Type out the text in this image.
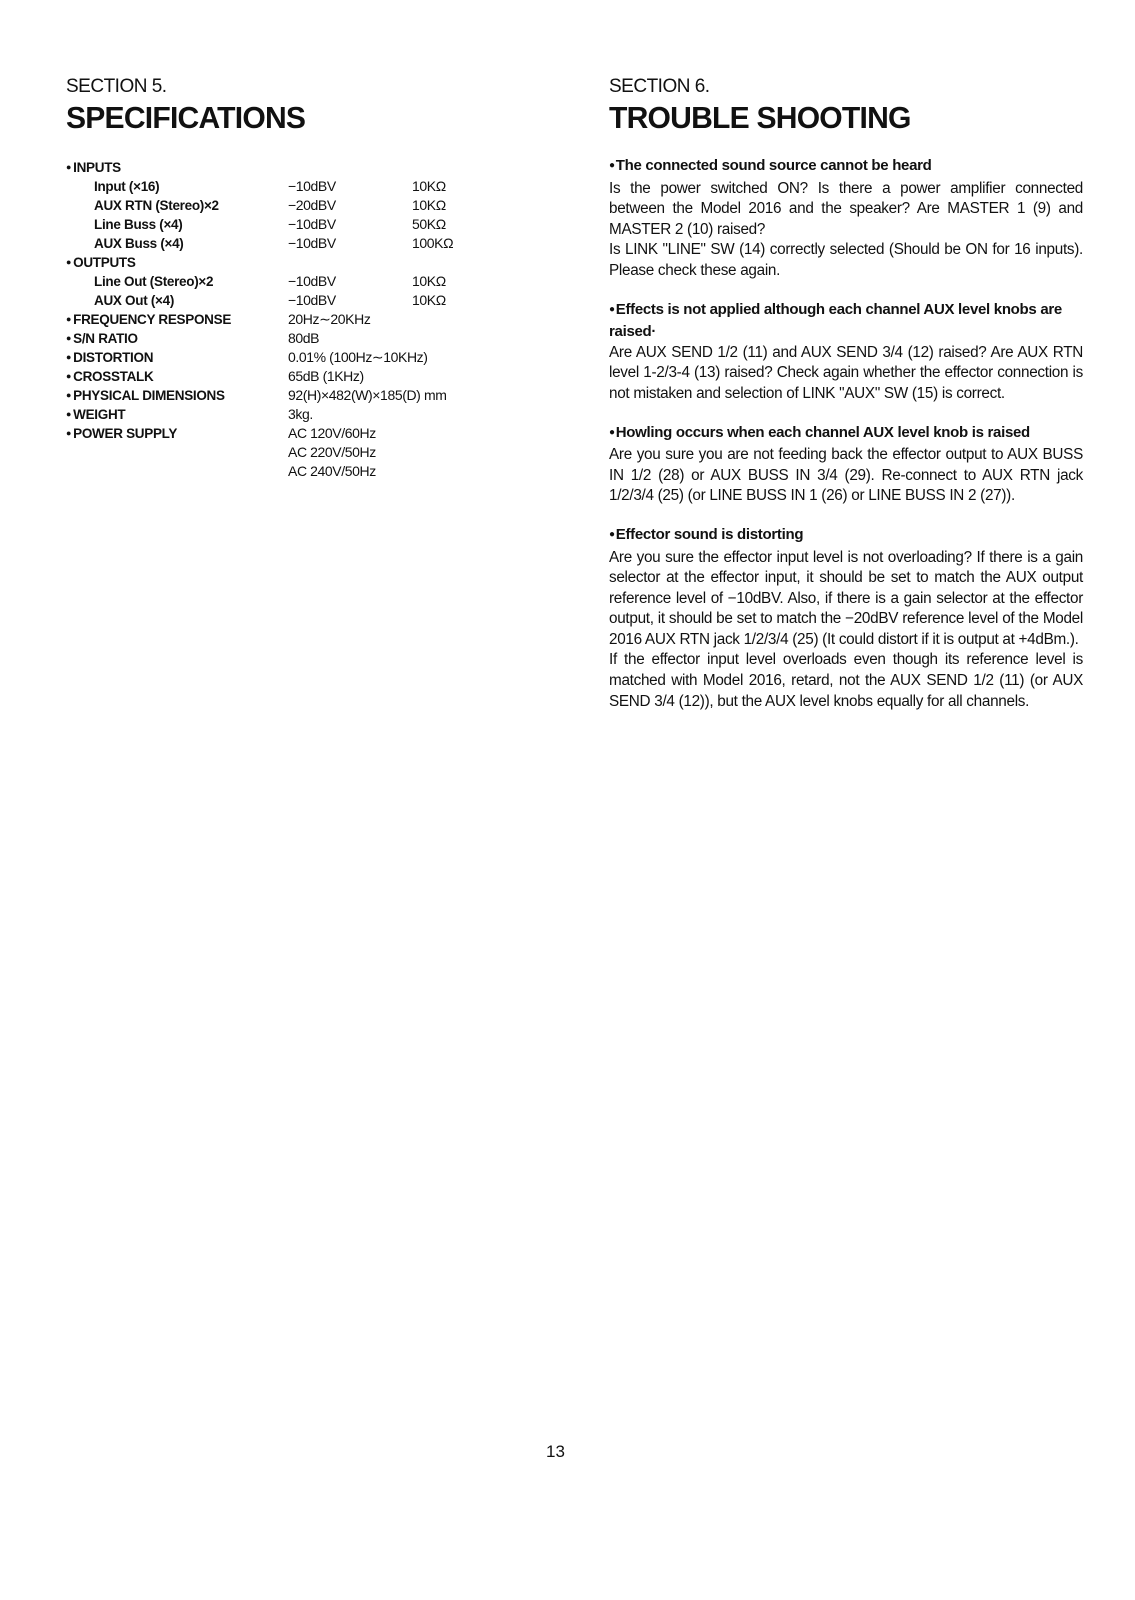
SECTION 5.
SPECIFICATIONS
● INPUTS
Input (×16)	−10dBV	10KΩ
AUX RTN (Stereo)×2	−20dBV	10KΩ
Line Buss (×4)	−10dBV	50KΩ
AUX Buss (×4)	−10dBV	100KΩ
● OUTPUTS
Line Out (Stereo)×2	−10dBV	10KΩ
AUX Out (×4)	−10dBV	10KΩ
● FREQUENCY RESPONSE	20Hz∼20KHz
● S/N RATIO	80dB
● DISTORTION	0.01% (100Hz∼10KHz)
● CROSSTALK	65dB (1KHz)
● PHYSICAL DIMENSIONS	92(H)×482(W)×185(D) mm
● WEIGHT	3kg.
● POWER SUPPLY	AC 120V/60Hz
AC 220V/50Hz
AC 240V/50Hz
SECTION 6.
TROUBLE SHOOTING

● The connected sound source cannot be heard

Is the power switched ON? Is there a power amplifier connected between the Model 2016 and the speaker? Are MASTER 1 (9) and MASTER 2 (10) raised?

Is LINK "LINE" SW (14) correctly selected (Should be ON for 16 inputs). Please check these again.

● Effects is not applied although each channel AUX level knobs are raised·

Are AUX SEND 1/2 (11) and AUX SEND 3/4 (12) raised? Are AUX RTN level 1-2/3-4 (13) raised? Check again whether the effector connection is not mistaken and selection of LINK "AUX" SW (15) is correct.

● Howling occurs when each channel AUX level knob is raised

Are you sure you are not feeding back the effector output to AUX BUSS IN 1/2 (28) or AUX BUSS IN 3/4 (29). Re-connect to AUX RTN jack 1/2/3/4 (25) (or LINE BUSS IN 1 (26) or LINE BUSS IN 2 (27)).

● Effector sound is distorting

Are you sure the effector input level is not overloading? If there is a gain selector at the effector input, it should be set to match the AUX output reference level of −10dBV. Also, if there is a gain selector at the effector output, it should be set to match the −20dBV reference level of the Model 2016 AUX RTN jack 1/2/3/4 (25) (It could distort if it is output at +4dBm.).

If the effector input level overloads even though its reference level is matched with Model 2016, retard, not the AUX SEND 1/2 (11) (or AUX SEND 3/4 (12)), but the AUX level knobs equally for all channels.

13
